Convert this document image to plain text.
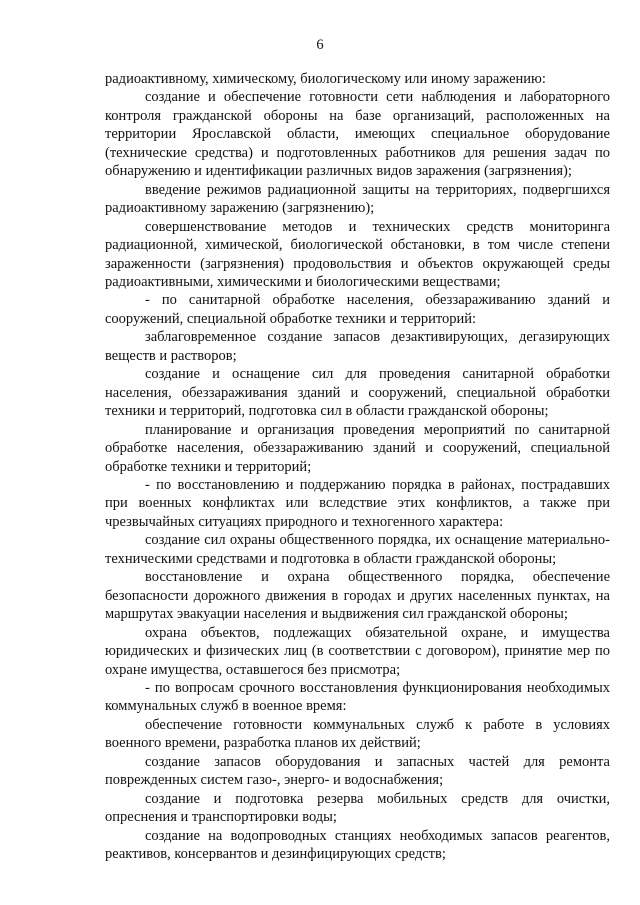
6

радиоактивному, химическому, биологическому или иному заражению:

создание и обеспечение готовности сети наблюдения и лабораторного контроля гражданской обороны на базе организаций, расположенных на территории Ярославской области, имеющих специальное оборудование (технические средства) и подготовленных работников для решения задач по обнаружению и идентификации различных видов заражения (загрязнения);

введение режимов радиационной защиты на территориях, подвергшихся радиоактивному заражению (загрязнению);

совершенствование методов и технических средств мониторинга радиационной, химической, биологической обстановки, в том числе степени зараженности (загрязнения) продовольствия и объектов окружающей среды радиоактивными, химическими и биологическими веществами;

- по санитарной обработке населения, обеззараживанию зданий и сооружений, специальной обработке техники и территорий:

заблаговременное создание запасов дезактивирующих, дегазирующих веществ и растворов;

создание и оснащение сил для проведения санитарной обработки населения, обеззараживания зданий и сооружений, специальной обработки техники и территорий, подготовка сил в области гражданской обороны;

планирование и организация проведения мероприятий по санитарной обработке населения, обеззараживанию зданий и сооружений, специальной обработке техники и территорий;

- по восстановлению и поддержанию порядка в районах, пострадавших при военных конфликтах или вследствие этих конфликтов, а также при чрезвычайных ситуациях природного и техногенного характера:

создание сил охраны общественного порядка, их оснащение материально-техническими средствами и подготовка в области гражданской обороны;

восстановление и охрана общественного порядка, обеспечение безопасности дорожного движения в городах и других населенных пунктах, на маршрутах эвакуации населения и выдвижения сил гражданской обороны;

охрана объектов, подлежащих обязательной охране, и имущества юридических и физических лиц (в соответствии с договором), принятие мер по охране имущества, оставшегося без присмотра;

- по вопросам срочного восстановления функционирования необходимых коммунальных служб в военное время:

обеспечение готовности коммунальных служб к работе в условиях военного времени, разработка планов их действий;

создание запасов оборудования и запасных частей для ремонта поврежденных систем газо-, энерго- и водоснабжения;

создание и подготовка резерва мобильных средств для очистки, опреснения и транспортировки воды;

создание на водопроводных станциях необходимых запасов реагентов, реактивов, консервантов и дезинфицирующих средств;
